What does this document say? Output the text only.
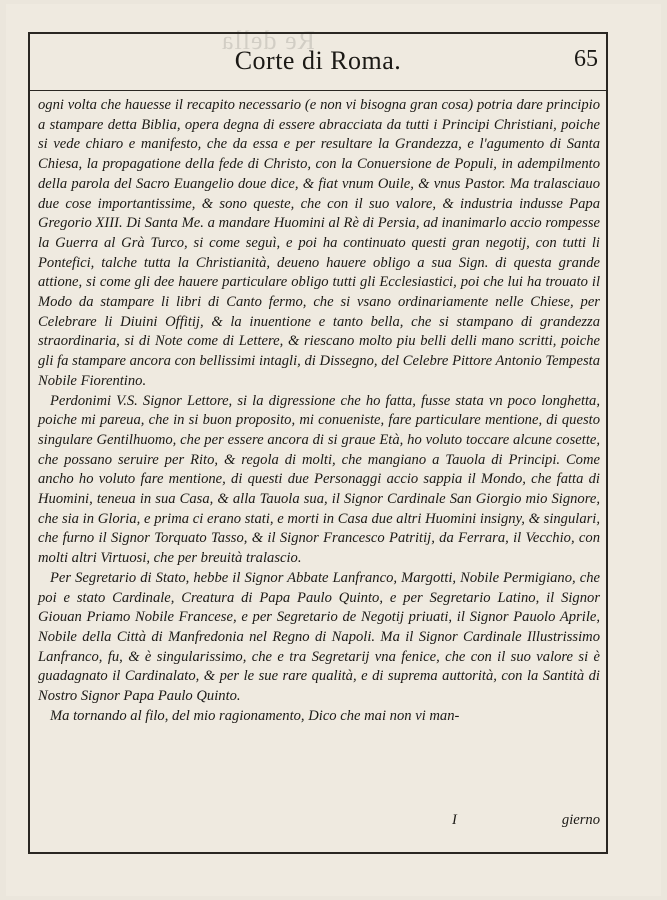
Re della
Corte di Roma.	65

ogni volta che hauesse il recapito necessario (e non vi bisogna gran cosa) potria dare principio a stampare detta Biblia, opera degna di essere abracciata da tutti i Principi Christiani, poiche si vede chiaro e manifesto, che da essa e per resultare la Grandezza, e l'agumento di Santa Chiesa, la propagatione della fede di Christo, con la Conuersione de Populi, in adempilmento della parola del Sacro Euangelio doue dice, & fiat vnum Ouile, & vnus Pastor. Ma tralasciauo due cose importantissime, & sono queste, che con il suo valore, & industria indusse Papa Gregorio XIII. Di Santa Me. a mandare Huomini al Rè di Persia, ad inanimarlo accio rompesse la Guerra al Grà Turco, si come seguì, e poi ha continuato questi gran negotij, con tutti li Pontefici, talche tutta la Christianità, deueno hauere obligo a sua Sign. di questa grande attione, si come gli dee hauere particulare obligo tutti gli Ecclesiastici, poi che lui ha trouato il Modo da stampare li libri di Canto fermo, che si vsano ordinariamente nelle Chiese, per Celebrare li Diuini Offitij, & la inuentione e tanto bella, che si stampano di grandezza straordinaria, si di Note come di Lettere, & riescano molto piu belli delli mano scritti, poiche gli fa stampare ancora con bellissimi intagli, di Dissegno, del Celebre Pittore Antonio Tempesta Nobile Fiorentino.

Perdonimi V.S. Signor Lettore, si la digressione che ho fatta, fusse stata vn poco longhetta, poiche mi pareua, che in si buon proposito, mi conueniste, fare particulare mentione, di questo singulare Gentilhuomo, che per essere ancora di si graue Età, ho voluto toccare alcune cosette, che possano seruire per Rito, & regola di molti, che mangiano a Tauola di Principi. Come ancho ho voluto fare mentione, di questi due Personaggi accio sappia il Mondo, che fatta di Huomini, teneua in sua Casa, & alla Tauola sua, il Signor Cardinale San Giorgio mio Signore, che sia in Gloria, e prima ci erano stati, e morti in Casa due altri Huomini insigny, & singulari, che furno il Signor Torquato Tasso, & il Signor Francesco Patritij, da Ferrara, il Vecchio, con molti altri Virtuosi, che per breuità tralascio.

Per Segretario di Stato, hebbe il Signor Abbate Lanfranco, Margotti, Nobile Permigiano, che poi e stato Cardinale, Creatura di Papa Paulo Quinto, e per Segretario Latino, il Signor Giouan Priamo Nobile Francese, e per Segretario de Negotij priuati, il Signor Pauolo Aprile, Nobile della Città di Manfredonia nel Regno di Napoli. Ma il Signor Cardinale Illustrissimo Lanfranco, fu, & è singularissimo, che e tra Segretarij vna fenice, che con il suo valore si è guadagnato il Cardinalato, & per le sue rare qualità, e di suprema auttorità, con la Santità di Nostro Signor Papa Paulo Quinto.

Ma tornando al filo, del mio ragionamento, Dico che mai non vi man-

I	gierno
